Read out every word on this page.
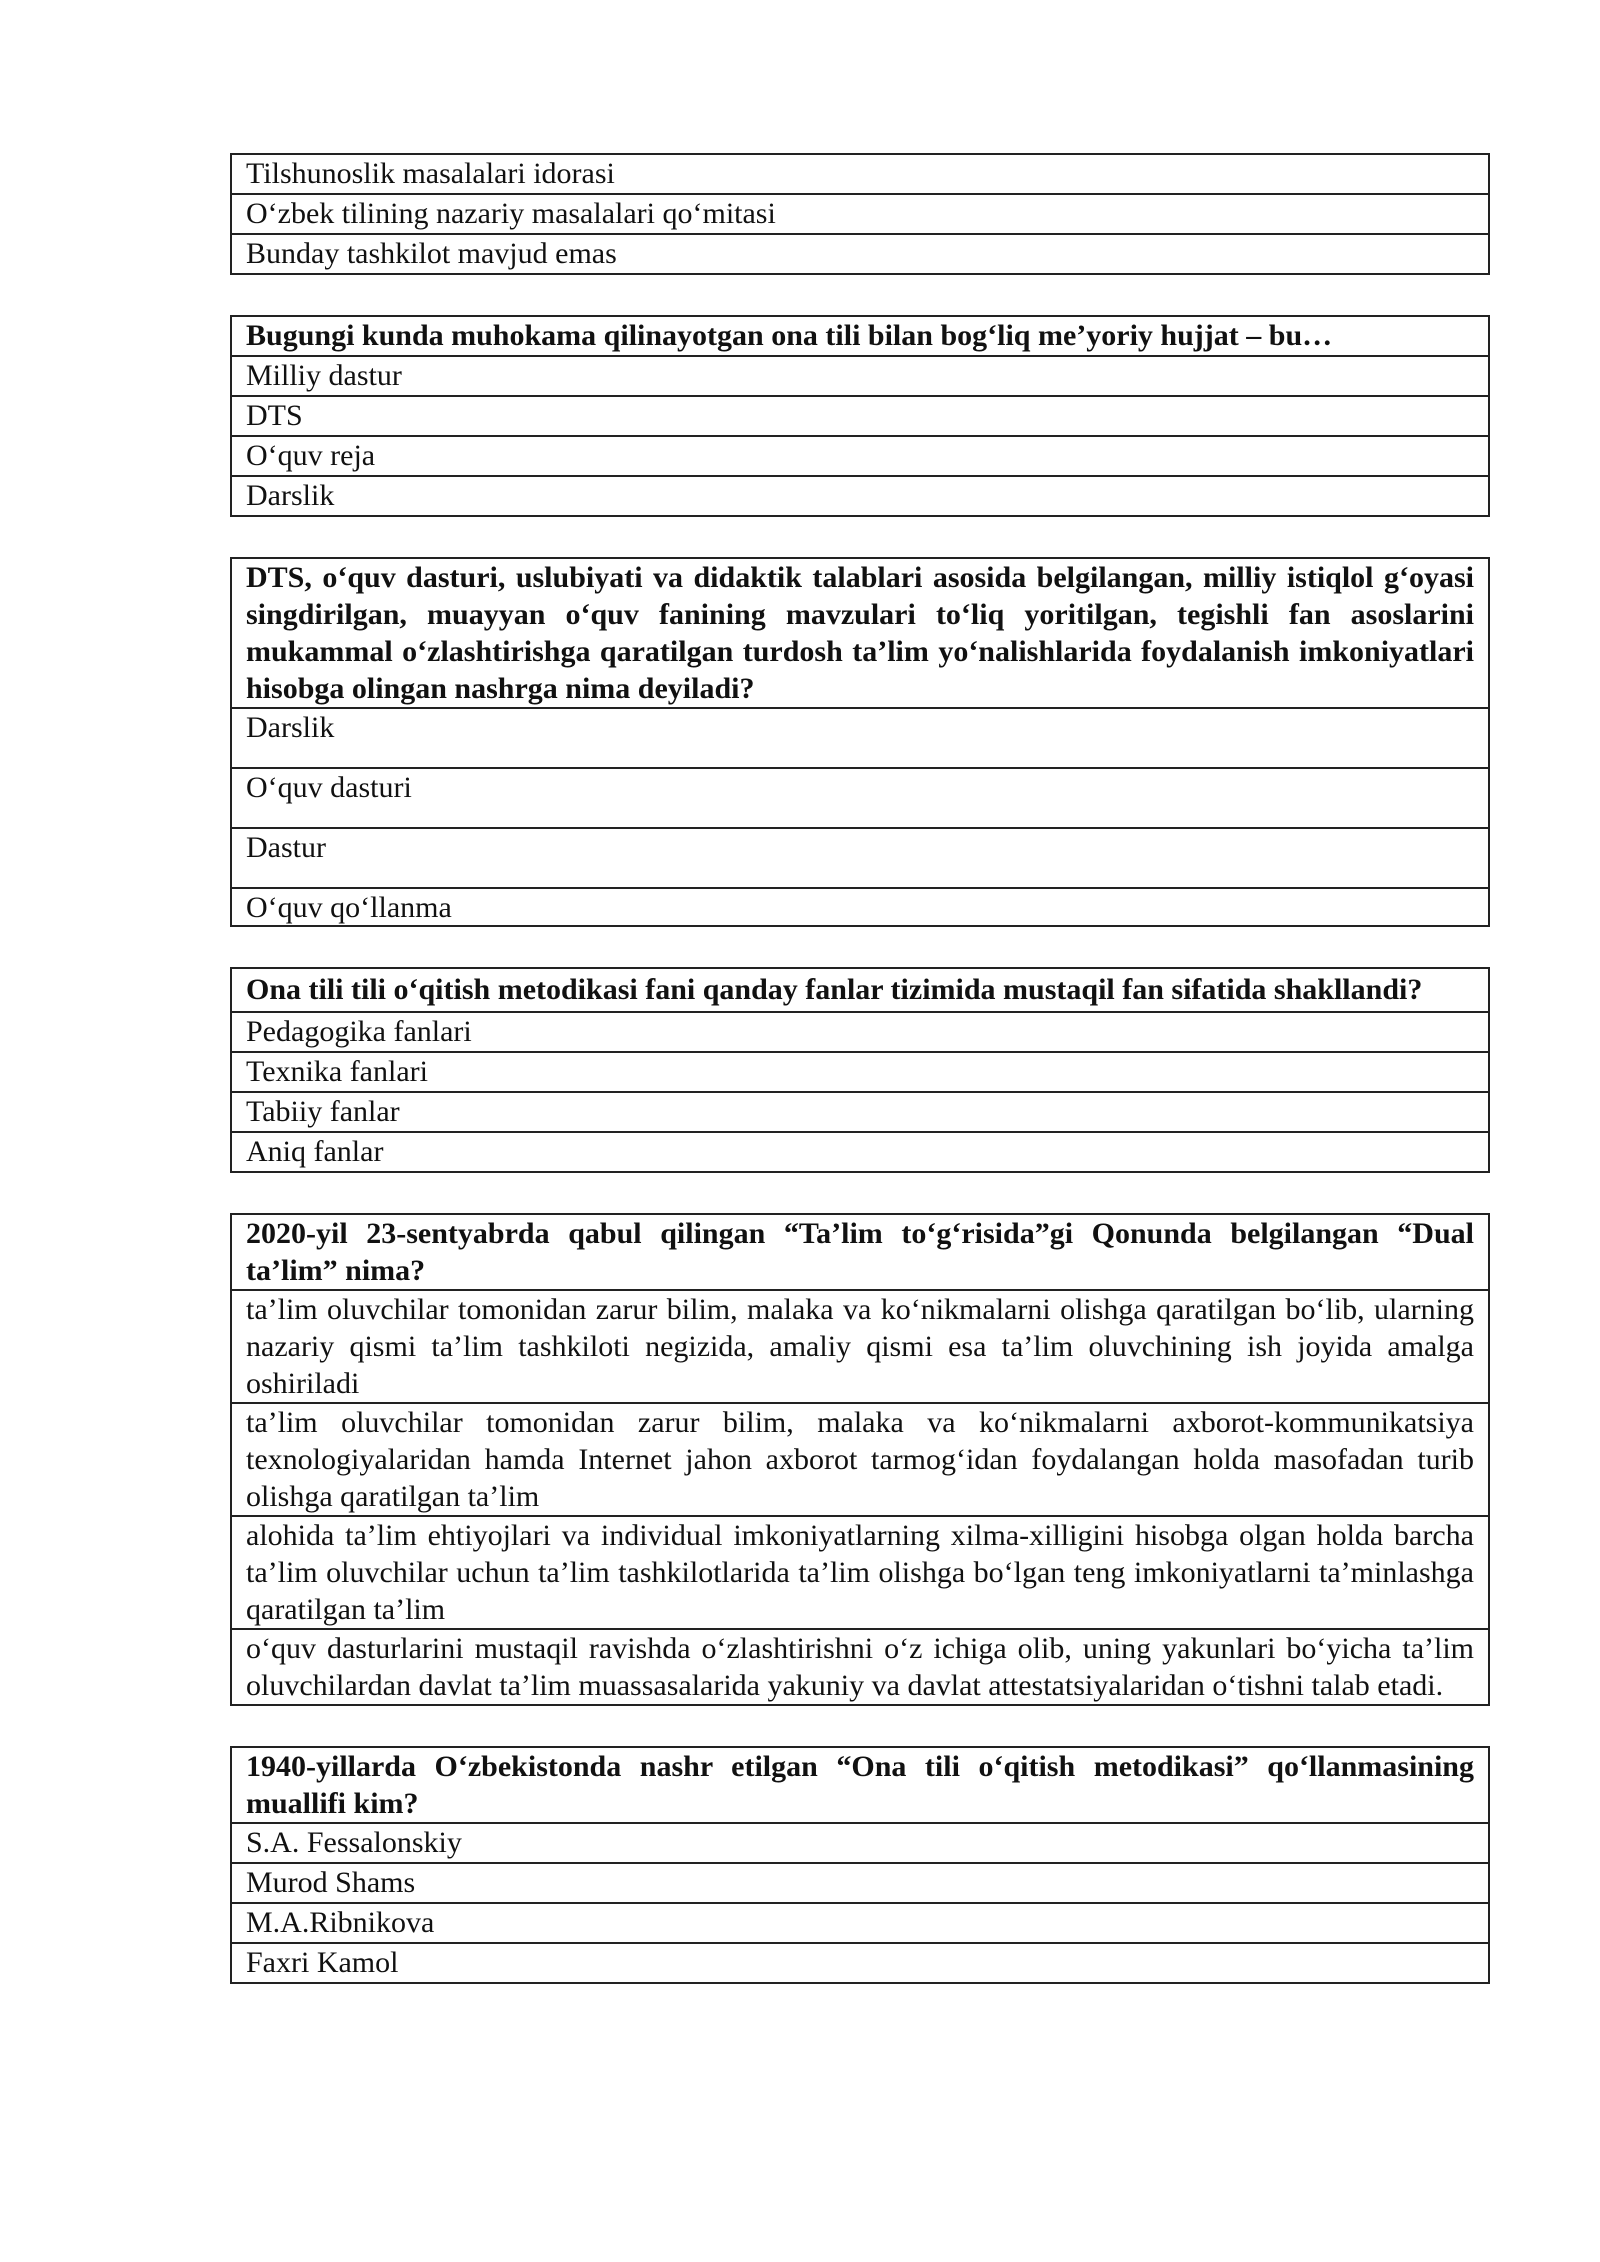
Tilshunoslik masalalari idorasi
O‘zbek tilining nazariy masalalari qo‘mitasi
Bunday tashkilot mavjud emas
Bugungi kunda muhokama qilinayotgan ona tili bilan bog‘liq me’yoriy hujjat – bu…
Milliy dastur
DTS
O‘quv reja
Darslik
DTS, o‘quv dasturi, uslubiyati va didaktik talablari asosida belgilangan, milliy istiqlol g‘oyasi singdirilgan, muayyan o‘quv fanining mavzulari to‘liq yoritilgan, tegishli fan asoslarini mukammal o‘zlashtirishga qaratilgan turdosh ta’lim yo‘nalishlarida foydalanish imkoniyatlari hisobga olingan nashrga nima deyiladi?
Darslik
O‘quv dasturi
Dastur
O‘quv qo‘llanma
Ona tili tili o‘qitish metodikasi fani qanday fanlar tizimida mustaqil fan sifatida shakllandi?
Pedagogika fanlari
Texnika fanlari
Tabiiy fanlar
Aniq fanlar
2020-yil 23-sentyabrda qabul qilingan “Ta’lim to‘g‘risida”gi Qonunda belgilangan “Dual ta’lim” nima?
ta’lim oluvchilar tomonidan zarur bilim, malaka va ko‘nikmalarni olishga qaratilgan bo‘lib, ularning nazariy qismi ta’lim tashkiloti negizida, amaliy qismi esa ta’lim oluvchining ish joyida amalga oshiriladi
ta’lim oluvchilar tomonidan zarur bilim, malaka va ko‘nikmalarni axborot-kommunikatsiya texnologiyalaridan hamda Internet jahon axborot tarmog‘idan foydalangan holda masofadan turib olishga qaratilgan ta’lim
alohida ta’lim ehtiyojlari va individual imkoniyatlarning xilma-xilligini hisobga olgan holda barcha ta’lim oluvchilar uchun ta’lim tashkilotlarida ta’lim olishga bo‘lgan teng imkoniyatlarni ta’minlashga qaratilgan ta’lim
o‘quv dasturlarini mustaqil ravishda o‘zlashtirishni o‘z ichiga olib, uning yakunlari bo‘yicha ta’lim oluvchilardan davlat ta’lim muassasalarida yakuniy va davlat attestatsiyalaridan o‘tishni talab etadi.
1940-yillarda O‘zbekistonda nashr etilgan “Ona tili o‘qitish metodikasi” qo‘llanmasining muallifi kim?
S.A. Fessalonskiy
Murod Shams
M.A.Ribnikova
Faxri Kamol
